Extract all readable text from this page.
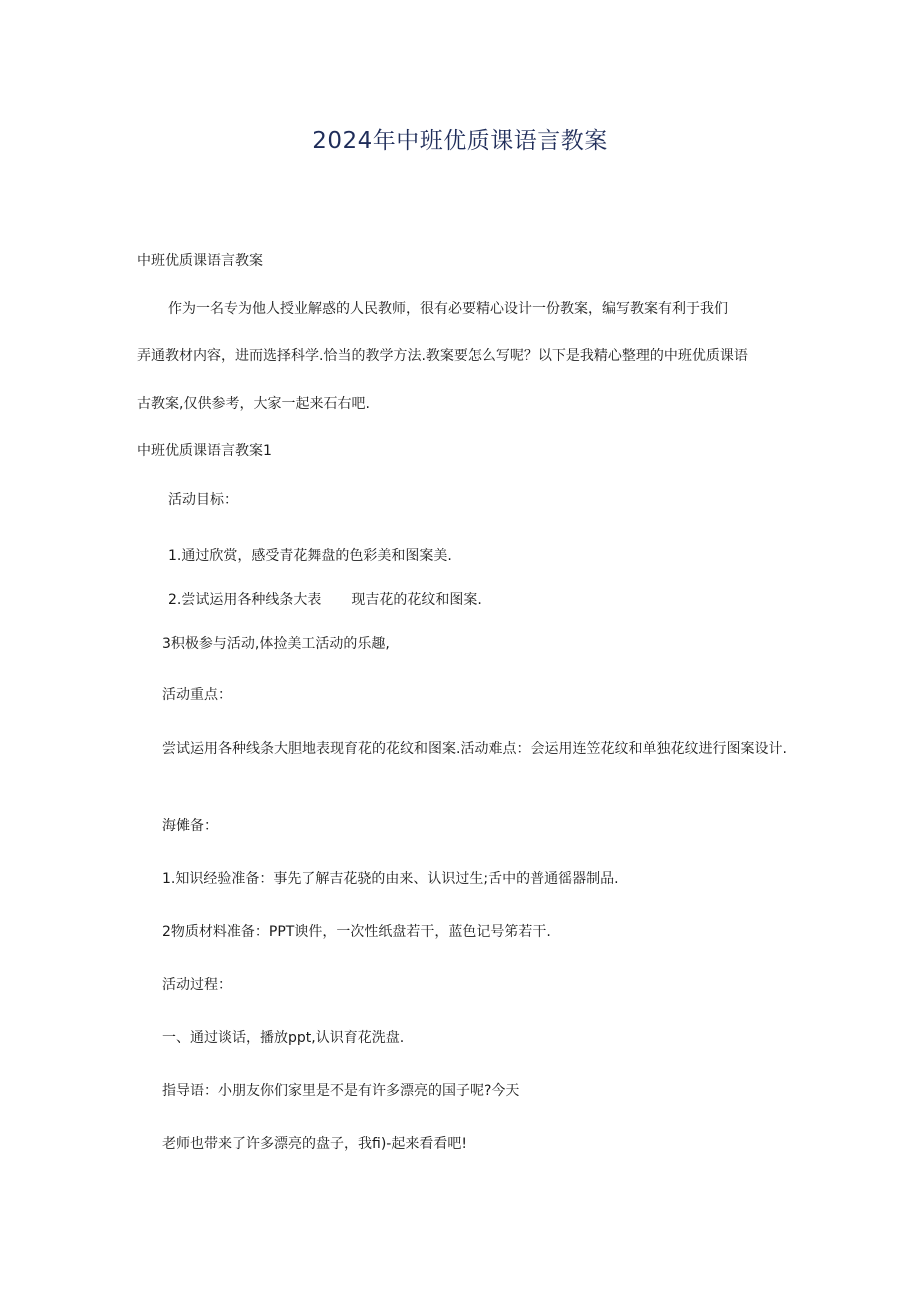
2024年中班优质课语言教案

中班优质课语言教案

作为一名专为他人授业解惑的人民教师，很有必要精心设计一份教案，编写教案有利于我们

弄通教材内容，进而选择科学.恰当的教学方法.教案要怎么写呢？以下是我精心整理的中班优质课语

古教案,仅供参考，大家一起来石右吧.

中班优质课语言教案1

活动目标：

1.通过欣赏，感受青花舞盘的色彩美和图案美.

2.尝试运用各种线条大表 现吉花的花纹和图案.

3积极参与活动,体捡美工活动的乐趣,

活动重点：

尝试运用各种线条大胆地表现育花的花纹和图案.活动难点：会运用连笠花纹和单独花纹进行图案设计.

海傩备：

1.知识经验准备：事先了解吉花骁的由来、认识过生;舌中的普通徭器制品.

2物质材料准备：PPT谀件，一次性纸盘若干，蓝色记号笫若干.

活动过程：

一、通过谈话，播放ppt,认识育花洗盘.

指导语：小朋友你们家里是不是有许多漂亮的国子呢?今天

老师也带来了许多漂亮的盘子，我fi)-起来看看吧!
